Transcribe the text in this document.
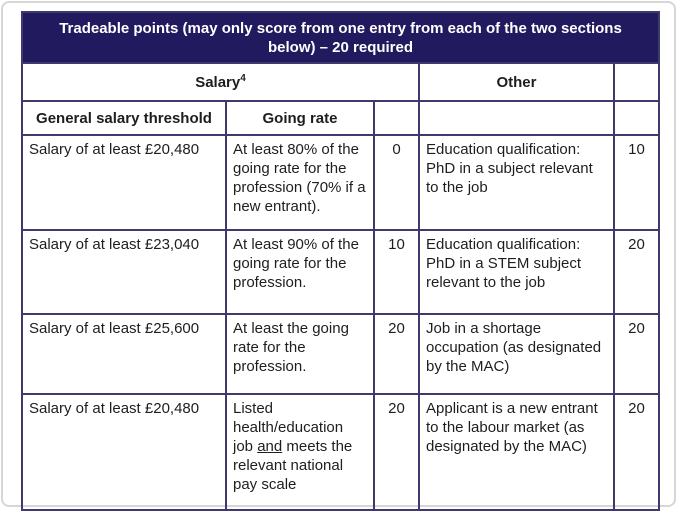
Tradeable points (may only score from one entry from each of the two sections below) – 20 required				
Salary$^4$			Other	
General salary threshold	Going rate			
Salary of at least £20,480	At least 80% of the going rate for the profession (70% if a new entrant).	0	Education qualification: PhD in a subject relevant to the job	10
Salary of at least £23,040	At least 90% of the going rate for the profession.	10	Education qualification: PhD in a STEM subject relevant to the job	20
Salary of at least £25,600	At least the going rate for the profession.	20	Job in a shortage occupation (as designated by the MAC)	20
Salary of at least £20,480	Listed health/education job and meets the relevant national pay scale	20	Applicant is a new entrant to the labour market (as designated by the MAC)	20
